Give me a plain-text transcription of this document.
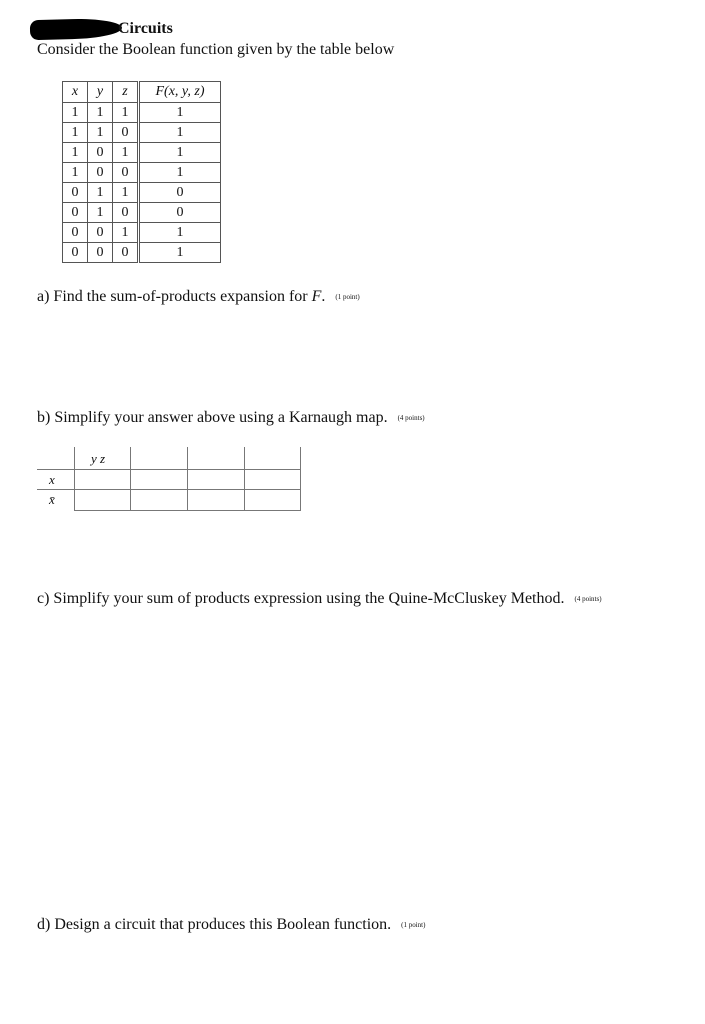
Circuits
Consider the Boolean function given by the table below
x	y	z	F(x, y, z)
1	1	1	1
1	1	0	1
1	0	1	1
1	0	0	1
0	1	1	0
0	1	0	0
0	0	1	1
0	0	0	1
a) Find the sum-of-products expansion for F. (1 point)
b) Simplify your answer above using a Karnaugh map. (4 points)
y z
x
x̄
c) Simplify your sum of products expression using the Quine-McCluskey Method. (4 points)
d) Design a circuit that produces this Boolean function. (1 point)
